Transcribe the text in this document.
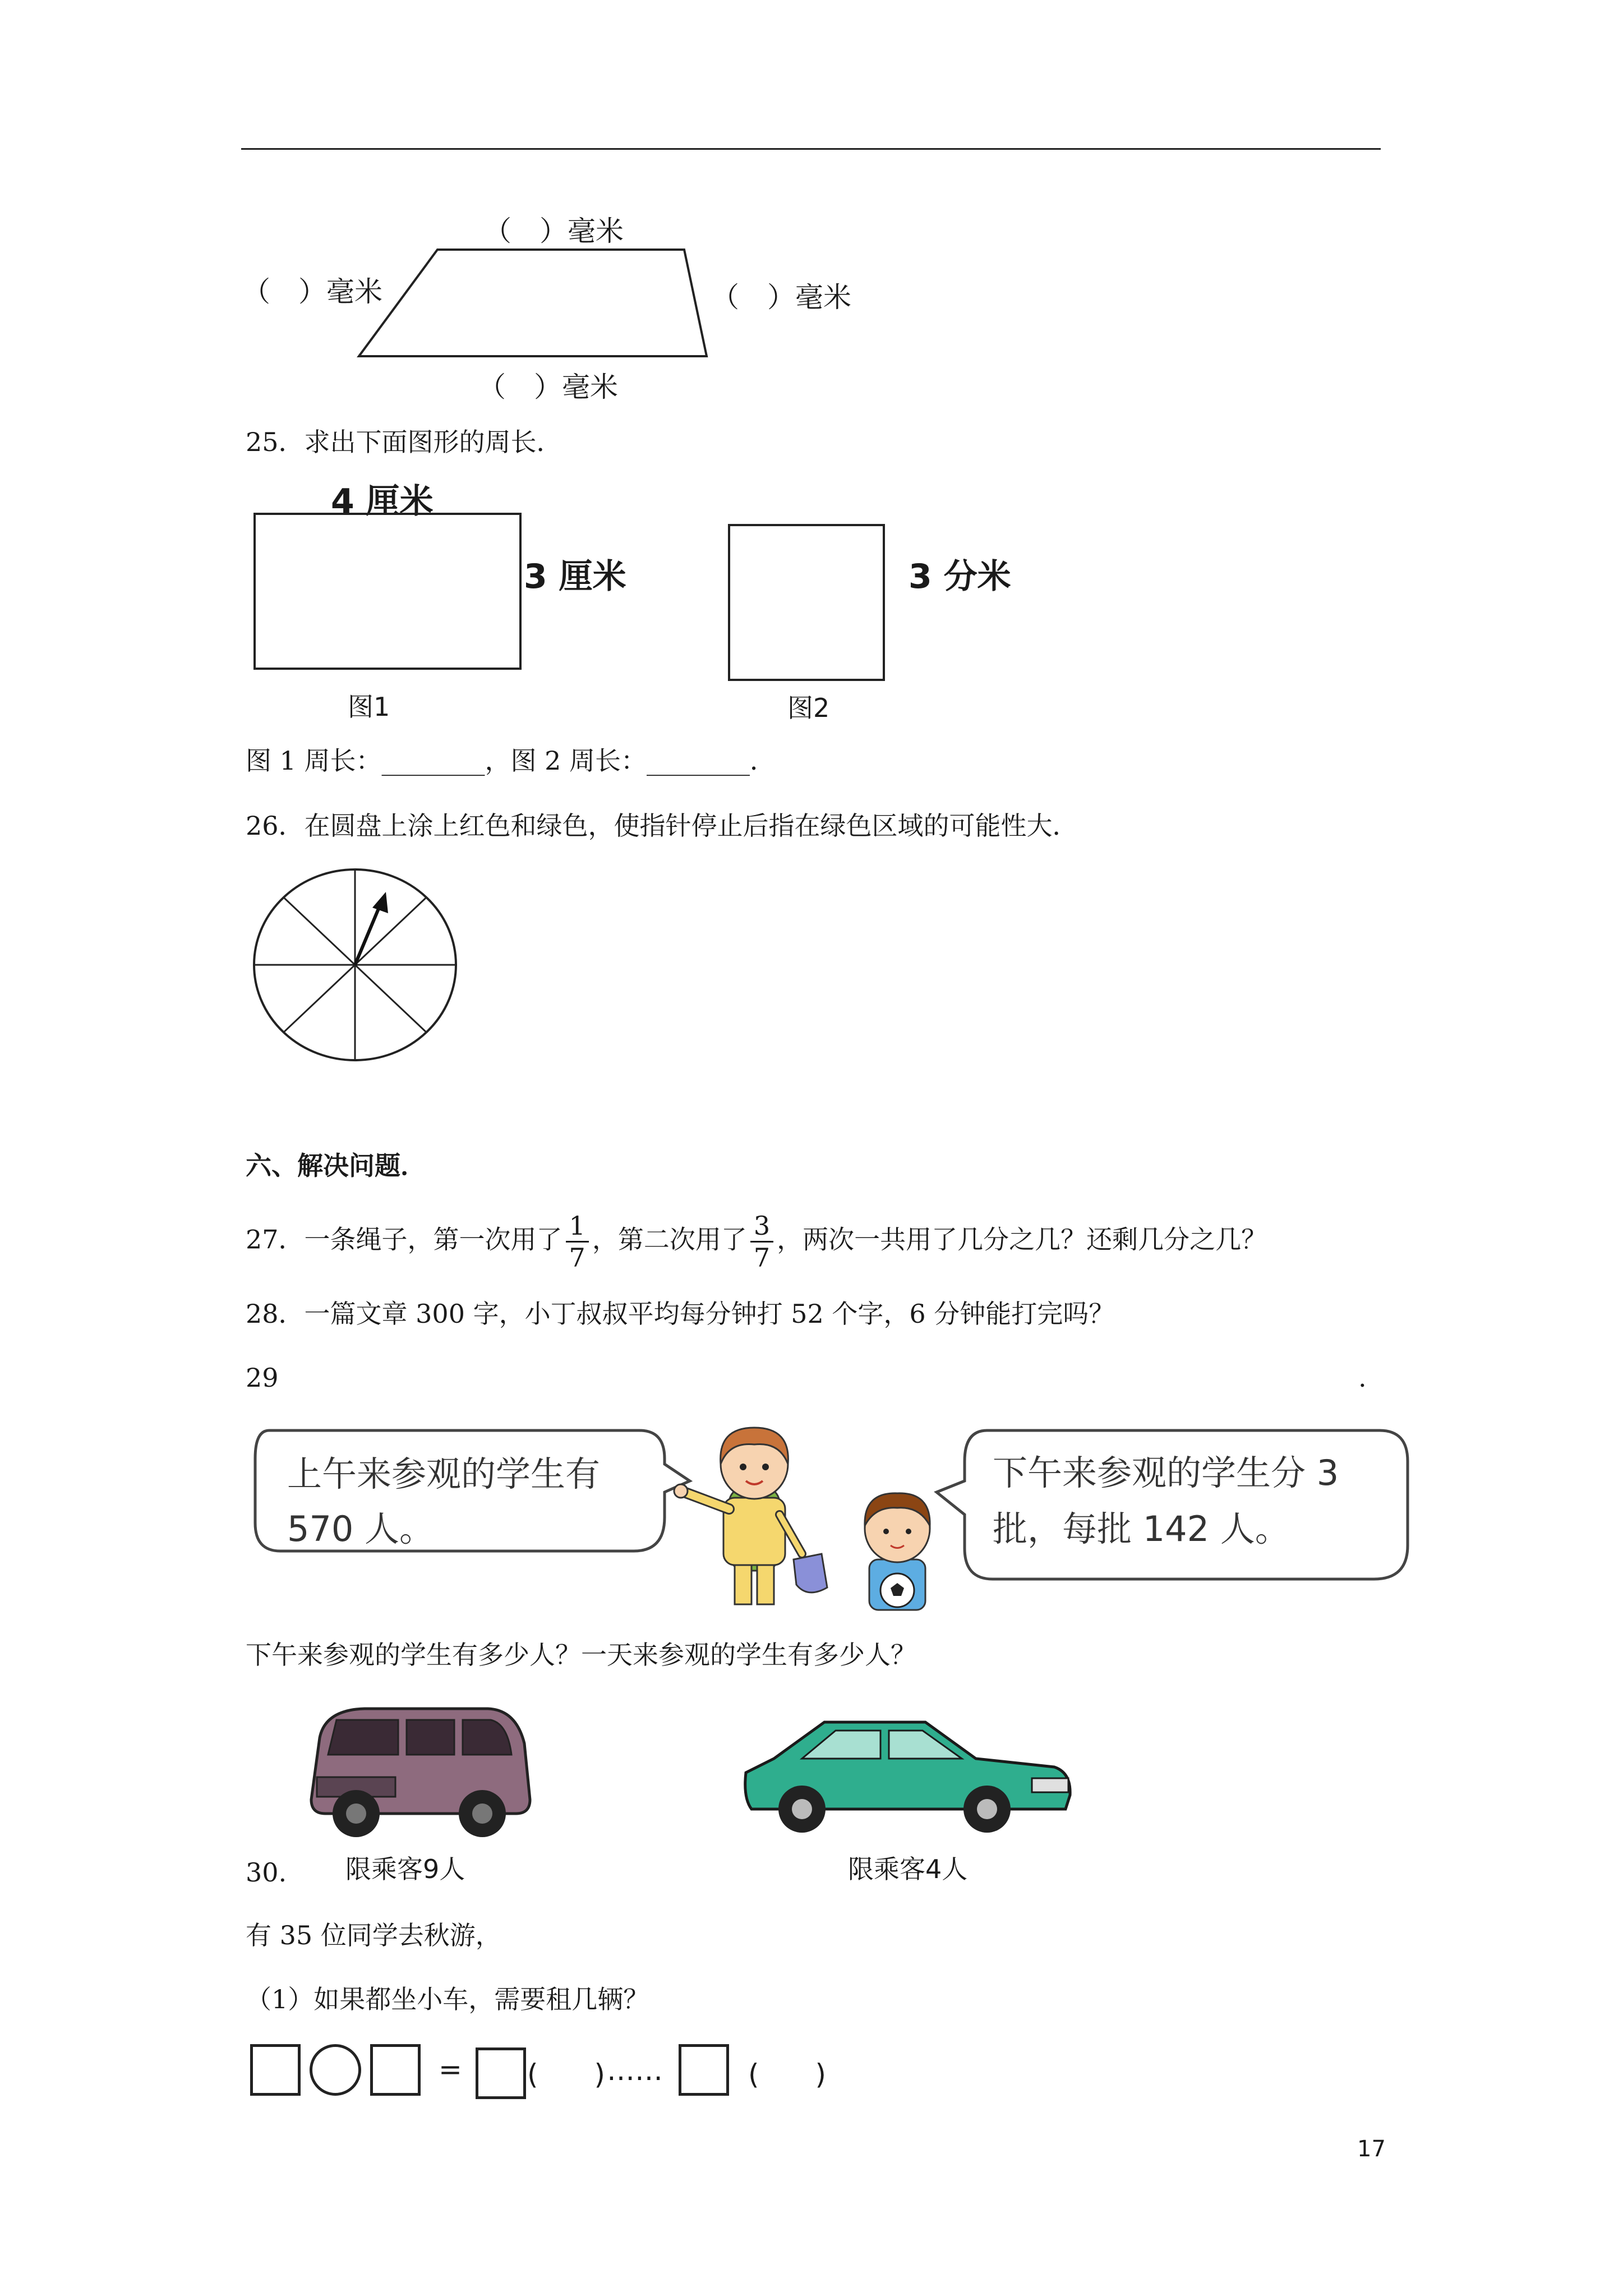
（　）毫米
（　）毫米	（　）毫米
（　）毫米
25．求出下面图形的周长．
4 厘米
3 厘米
图1
3 分米
图2
图 1 周长：________，图 2 周长：________．
26．在圆盘上涂上红色和绿色，使指针停止后指在绿色区域的可能性大．
六、解决问题．
27．一条绳子，第一次用了 $\frac{1}{7}$ ，第二次用了 $\frac{3}{7}$ ，两次一共用了几分之几？还剩几分之几？
28．一篇文章 300 字，小丁叔叔平均每分钟打 52 个字，6 分钟能打完吗？
29	.
上午来参观的学生有
570 人。
下午来参观的学生分 3
批，每批 142 人。
下午来参观的学生有多少人？一天来参观的学生有多少人？
30. 限乘客9人	限乘客4人
有 35 位同学去秋游，
（1）如果都坐小车，需要租几辆？
= (　　) ……	(　　)
17
